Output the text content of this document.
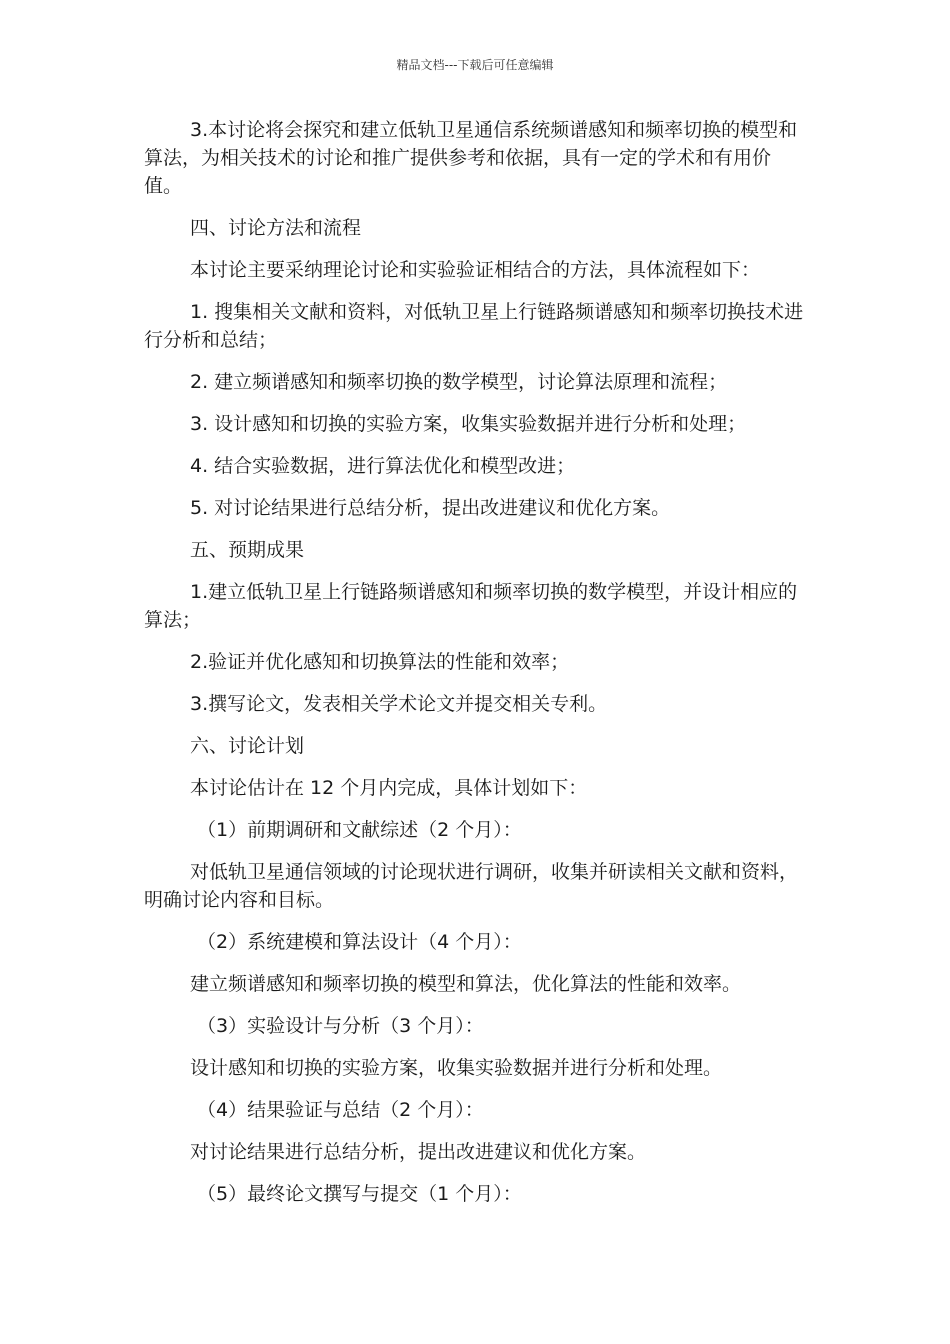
精品文档---下载后可任意编辑

3.本讨论将会探究和建立低轨卫星通信系统频谱感知和频率切换的模型和算法，为相关技术的讨论和推广提供参考和依据，具有一定的学术和有用价值。

四、讨论方法和流程

本讨论主要采纳理论讨论和实验验证相结合的方法，具体流程如下：

1. 搜集相关文献和资料，对低轨卫星上行链路频谱感知和频率切换技术进行分析和总结；

2. 建立频谱感知和频率切换的数学模型，讨论算法原理和流程；

3. 设计感知和切换的实验方案，收集实验数据并进行分析和处理；

4. 结合实验数据，进行算法优化和模型改进；

5. 对讨论结果进行总结分析，提出改进建议和优化方案。

五、预期成果

1.建立低轨卫星上行链路频谱感知和频率切换的数学模型，并设计相应的算法；

2.验证并优化感知和切换算法的性能和效率；

3.撰写论文，发表相关学术论文并提交相关专利。

六、讨论计划

本讨论估计在 12 个月内完成，具体计划如下：

（1）前期调研和文献综述（2 个月）：

对低轨卫星通信领域的讨论现状进行调研，收集并研读相关文献和资料，明确讨论内容和目标。

（2）系统建模和算法设计（4 个月）：

建立频谱感知和频率切换的模型和算法，优化算法的性能和效率。

（3）实验设计与分析（3 个月）：

设计感知和切换的实验方案，收集实验数据并进行分析和处理。

（4）结果验证与总结（2 个月）：

对讨论结果进行总结分析，提出改进建议和优化方案。

（5）最终论文撰写与提交（1 个月）：
